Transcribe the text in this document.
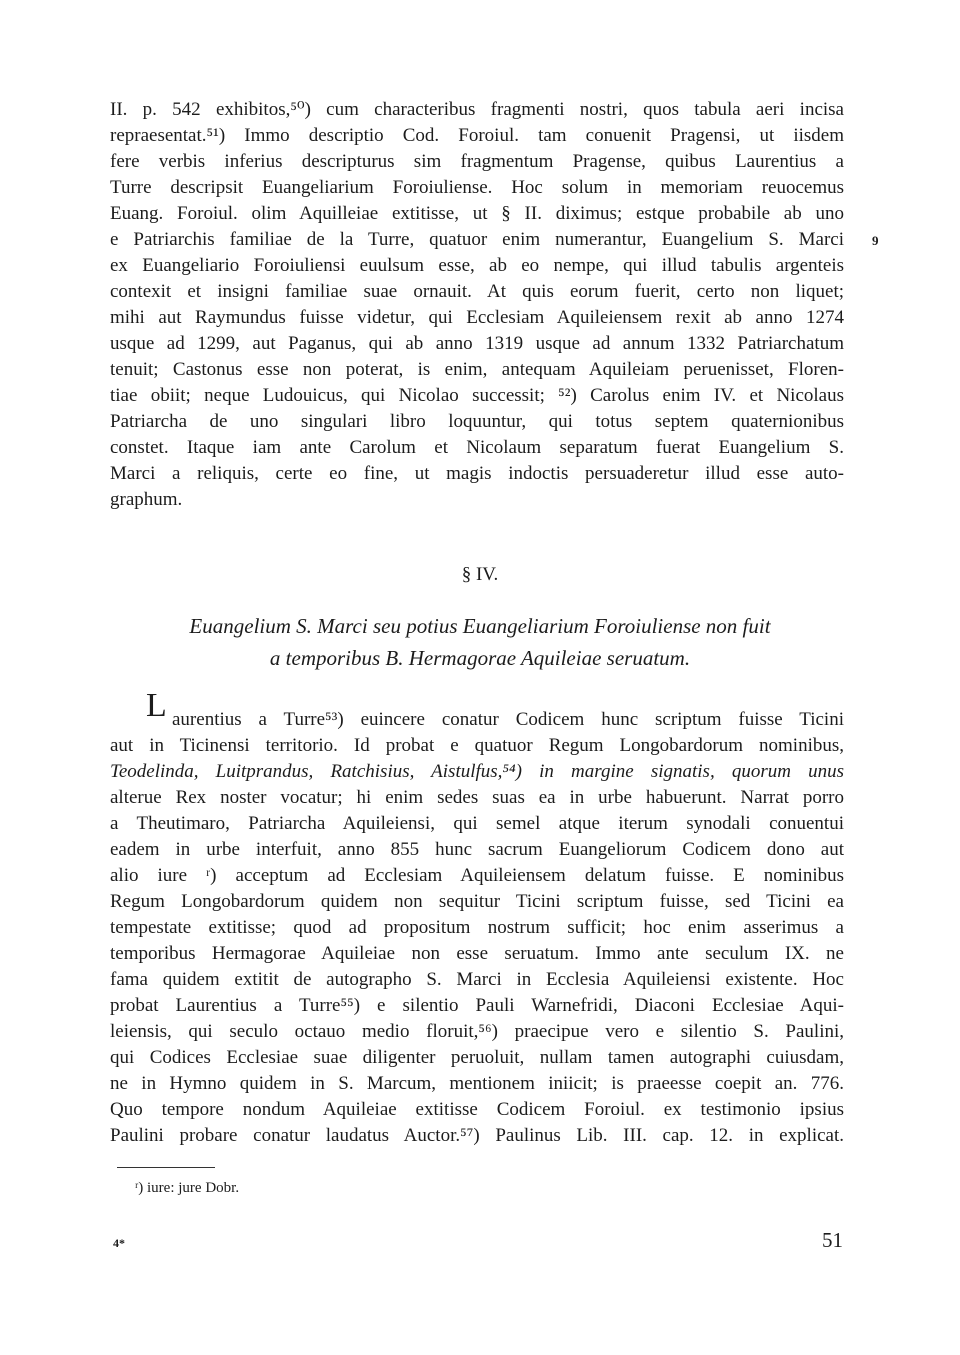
II. p. 542 exhibitos,⁵⁰) cum characteribus fragmenti nostri, quos tabula aeri incisa
repraesentat.⁵¹) Immo descriptio Cod. Foroiul. tam conuenit Pragensi, ut iisdem
fere verbis inferius descripturus sim fragmentum Pragense, quibus Laurentius a
Turre descripsit Euangeliarium Foroiuliense. Hoc solum in memoriam reuocemus
Euang. Foroiul. olim Aquilleiae extitisse, ut § II. diximus; estque probabile ab uno
e Patriarchis familiae de la Turre, quatuor enim numerantur, Euangelium S. Marci
ex Euangeliario Foroiuliensi euulsum esse, ab eo nempe, qui illud tabulis argenteis
contexit et insigni familiae suae ornauit. At quis eorum fuerit, certo non liquet;
mihi aut Raymundus fuisse videtur, qui Ecclesiam Aquileiensem rexit ab anno 1274
usque ad 1299, aut Paganus, qui ab anno 1319 usque ad annum 1332 Patriarchatum
tenuit; Castonus esse non poterat, is enim, antequam Aquileiam peruenisset, Floren-
tiae obiit; neque Ludouicus, qui Nicolao successit; ⁵²) Carolus enim IV. et Nicolaus
Patriarcha de uno singulari libro loquuntur, qui totus septem quaternionibus
constet. Itaque iam ante Carolum et Nicolaum separatum fuerat Euangelium S.
Marci a reliquis, certe eo fine, ut magis indoctis persuaderetur illud esse auto-
graphum.
9
§ IV.
Euangelium S. Marci seu potius Euangeliarium Foroiuliense non fuit
a temporibus B. Hermagorae Aquileiae seruatum.
L aurentius a Turre⁵³) euincere conatur Codicem hunc scriptum fuisse Ticini
aut in Ticinensi territorio. Id probat e quatuor Regum Longobardorum nominibus,
Teodelinda, Luitprandus, Ratchisius, Aistulfus,⁵⁴) in margine signatis, quorum unus
alterue Rex noster vocatur; hi enim sedes suas ea in urbe habuerunt. Narrat porro
a Theutimaro, Patriarcha Aquileiensi, qui semel atque iterum synodali conuentui
eadem in urbe interfuit, anno 855 hunc sacrum Euangeliorum Codicem dono aut
alio iure ʳ) acceptum ad Ecclesiam Aquileiensem delatum fuisse. E nominibus
Regum Longobardorum quidem non sequitur Ticini scriptum fuisse, sed Ticini ea
tempestate extitisse; quod ad propositum nostrum sufficit; hoc enim asserimus a
temporibus Hermagorae Aquileiae non esse seruatum. Immo ante seculum IX. ne
fama quidem extitit de autographo S. Marci in Ecclesia Aquileiensi existente. Hoc
probat Laurentius a Turre⁵⁵) e silentio Pauli Warnefridi, Diaconi Ecclesiae Aqui-
leiensis, qui seculo octauo medio floruit,⁵⁶) praecipue vero e silentio S. Paulini,
qui Codices Ecclesiae suae diligenter peruoluit, nullam tamen autographi cuiusdam,
ne in Hymno quidem in S. Marcum, mentionem iniicit; is praeesse coepit an. 776.
Quo tempore nondum Aquileiae extitisse Codicem Foroiul. ex testimonio ipsius
Paulini probare conatur laudatus Auctor.⁵⁷) Paulinus Lib. III. cap. 12. in explicat.
ʳ) iure: jure Dobr.
4*	51
